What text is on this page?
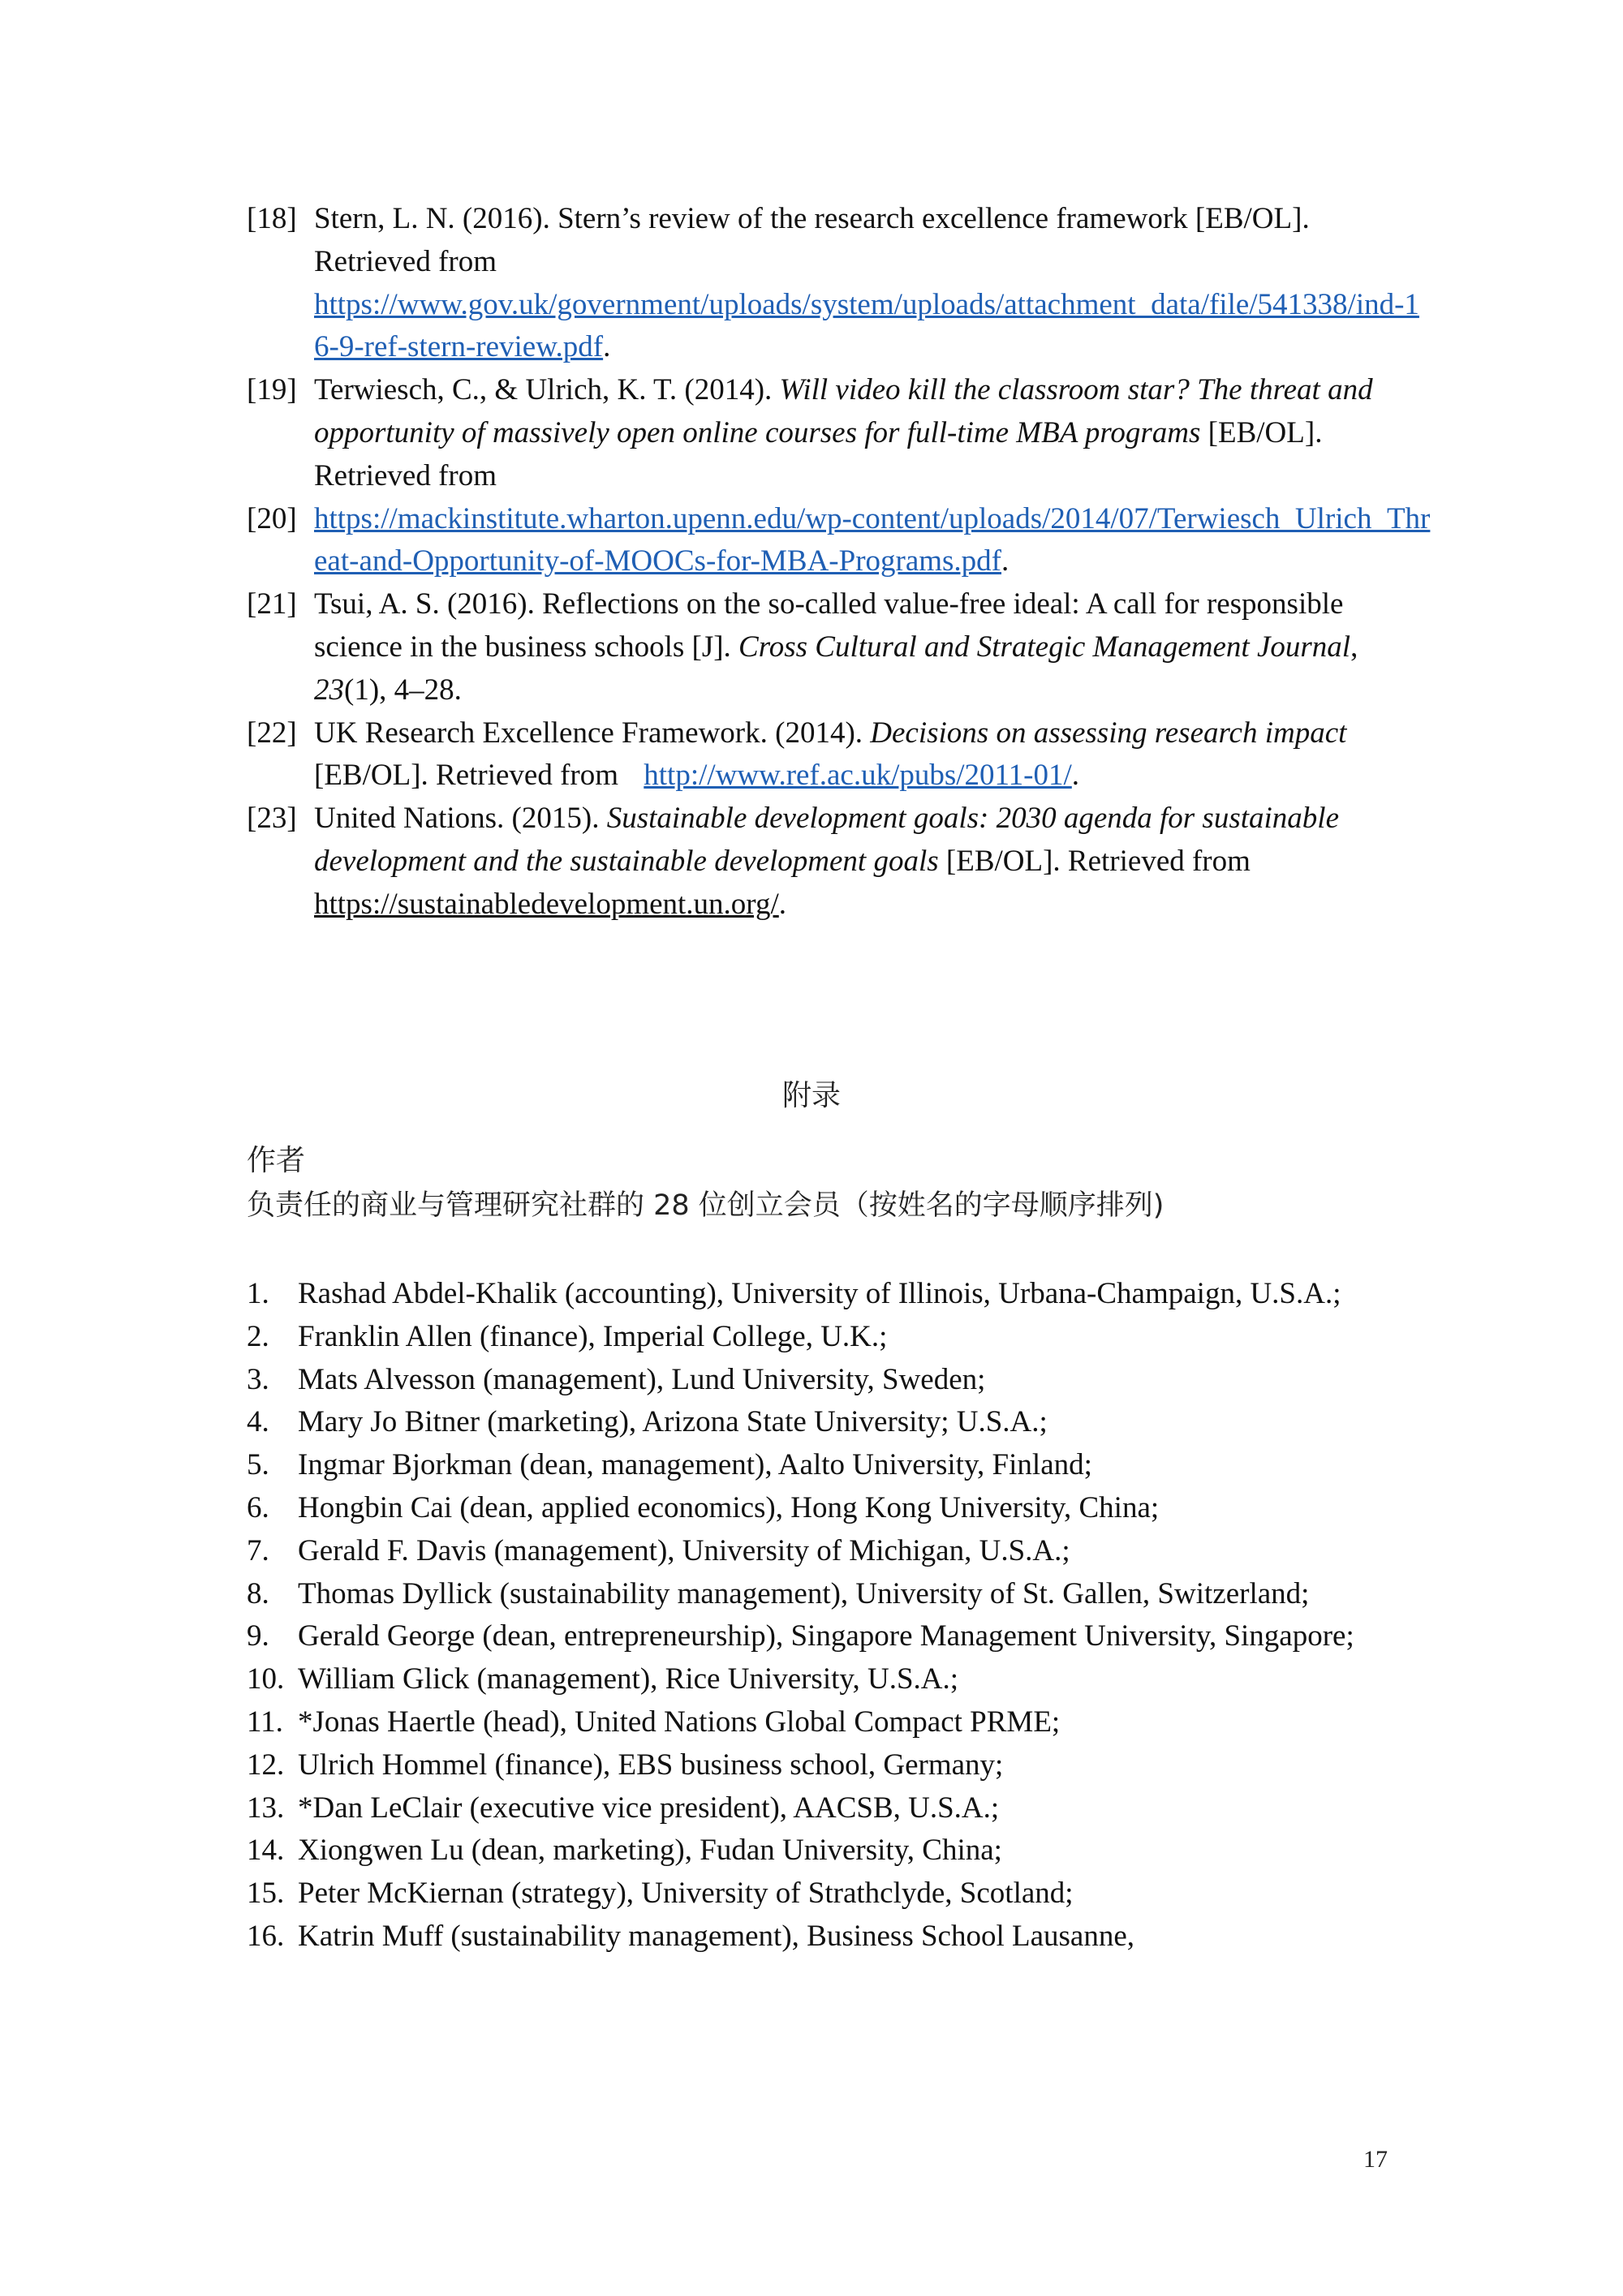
[18] Stern, L. N. (2016). Stern’s review of the research excellence framework [EB/OL]. Retrieved from
https://www.gov.uk/government/uploads/system/uploads/attachment_data/file/541338/ind-16-9-ref-stern-review.pdf.
[19] Terwiesch, C., & Ulrich, K. T. (2014). Will video kill the classroom star? The threat and opportunity of massively open online courses for full-time MBA programs [EB/OL]. Retrieved from
[20] https://mackinstitute.wharton.upenn.edu/wp-content/uploads/2014/07/Terwiesch_Ulrich_Threat-and-Opportunity-of-MOOCs-for-MBA-Programs.pdf.
[21] Tsui, A. S. (2016). Reflections on the so-called value-free ideal: A call for responsible science in the business schools [J]. Cross Cultural and Strategic Management Journal, 23(1), 4–28.
[22] UK Research Excellence Framework. (2014). Decisions on assessing research impact [EB/OL]. Retrieved from http://www.ref.ac.uk/pubs/2011-01/.
[23] United Nations. (2015). Sustainable development goals: 2030 agenda for sustainable development and the sustainable development goals [EB/OL]. Retrieved from https://sustainabledevelopment.un.org/.
附录
作者
负责任的商业与管理研究社群的 28 位创立会员（按姓名的字母顺序排列)
1. Rashad Abdel-Khalik (accounting), University of Illinois, Urbana-Champaign, U.S.A.;
2. Franklin Allen (finance), Imperial College, U.K.;
3. Mats Alvesson (management), Lund University, Sweden;
4. Mary Jo Bitner (marketing), Arizona State University; U.S.A.;
5. Ingmar Bjorkman (dean, management), Aalto University, Finland;
6. Hongbin Cai (dean, applied economics), Hong Kong University, China;
7. Gerald F. Davis (management), University of Michigan, U.S.A.;
8. Thomas Dyllick (sustainability management), University of St. Gallen, Switzerland;
9. Gerald George (dean, entrepreneurship), Singapore Management University, Singapore;
10. William Glick (management), Rice University, U.S.A.;
11. *Jonas Haertle (head), United Nations Global Compact PRME;
12. Ulrich Hommel (finance), EBS business school, Germany;
13. *Dan LeClair (executive vice president), AACSB, U.S.A.;
14. Xiongwen Lu (dean, marketing), Fudan University, China;
15. Peter McKiernan (strategy), University of Strathclyde, Scotland;
16. Katrin Muff (sustainability management), Business School Lausanne,
17
